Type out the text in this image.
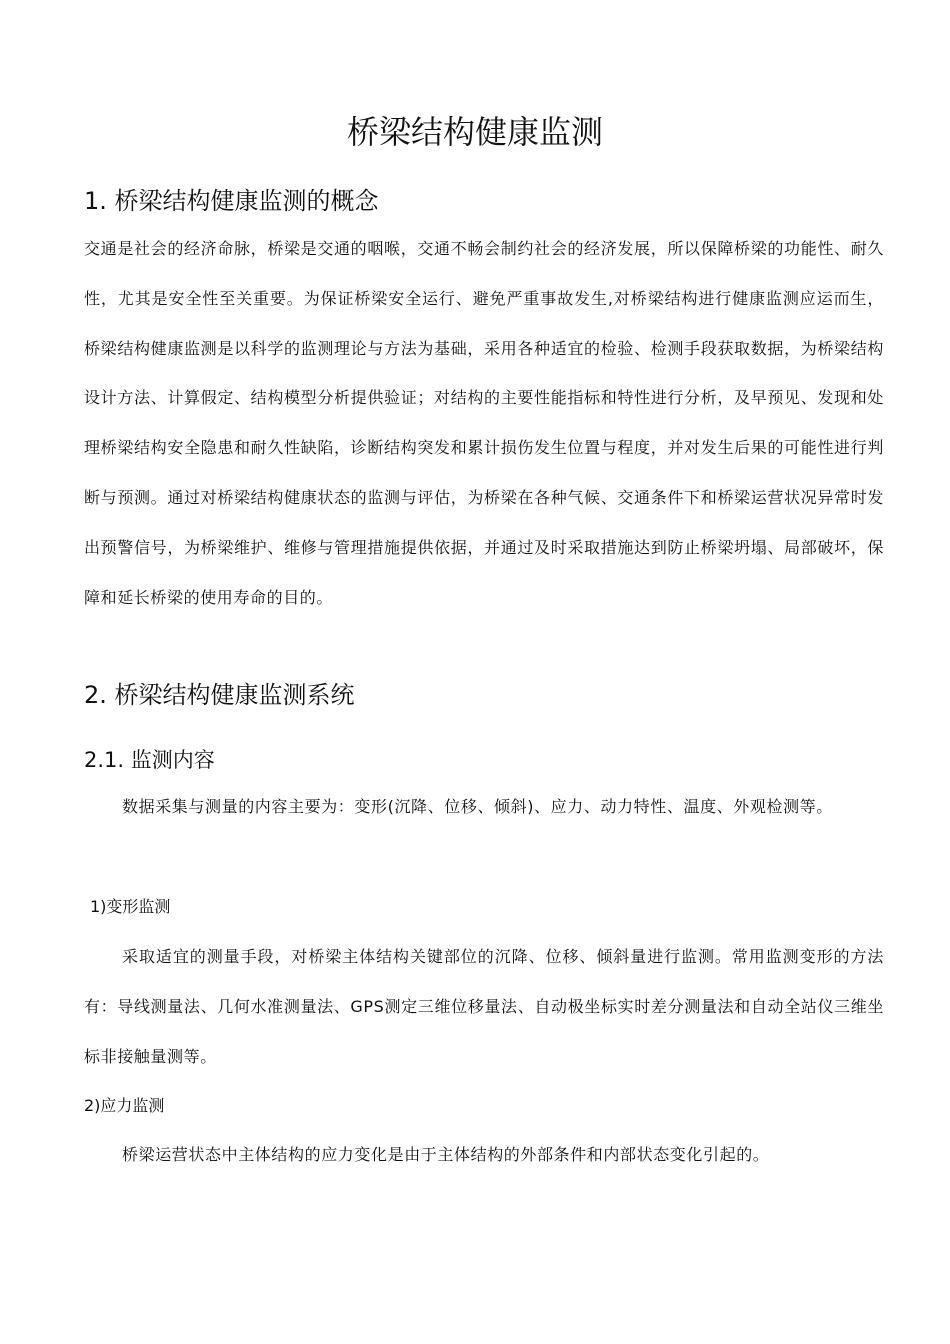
桥梁结构健康监测
1. 桥梁结构健康监测的概念

交通是社会的经济命脉，桥梁是交通的咽喉，交通不畅会制约社会的经济发展，所以保障桥梁的功能性、耐久性，尤其是安全性至关重要。为保证桥梁安全运行、避免严重事故发生,对桥梁结构进行健康监测应运而生，桥梁结构健康监测是以科学的监测理论与方法为基础，采用各种适宜的检验、检测手段获取数据，为桥梁结构设计方法、计算假定、结构模型分析提供验证；对结构的主要性能指标和特性进行分析，及早预见、发现和处理桥梁结构安全隐患和耐久性缺陷，诊断结构突发和累计损伤发生位置与程度，并对发生后果的可能性进行判断与预测。通过对桥梁结构健康状态的监测与评估，为桥梁在各种气候、交通条件下和桥梁运营状况异常时发出预警信号，为桥梁维护、维修与管理措施提供依据，并通过及时采取措施达到防止桥梁坍塌、局部破坏，保障和延长桥梁的使用寿命的目的。

2. 桥梁结构健康监测系统
2.1. 监测内容

数据采集与测量的内容主要为：变形(沉降、位移、倾斜)、应力、动力特性、温度、外观检测等。

1)变形监测

采取适宜的测量手段，对桥梁主体结构关键部位的沉降、位移、倾斜量进行监测。常用监测变形的方法有：导线测量法、几何水准测量法、GPS测定三维位移量法、自动极坐标实时差分测量法和自动全站仪三维坐标非接触量测等。

2)应力监测

桥梁运营状态中主体结构的应力变化是由于主体结构的外部条件和内部状态变化引起的。
